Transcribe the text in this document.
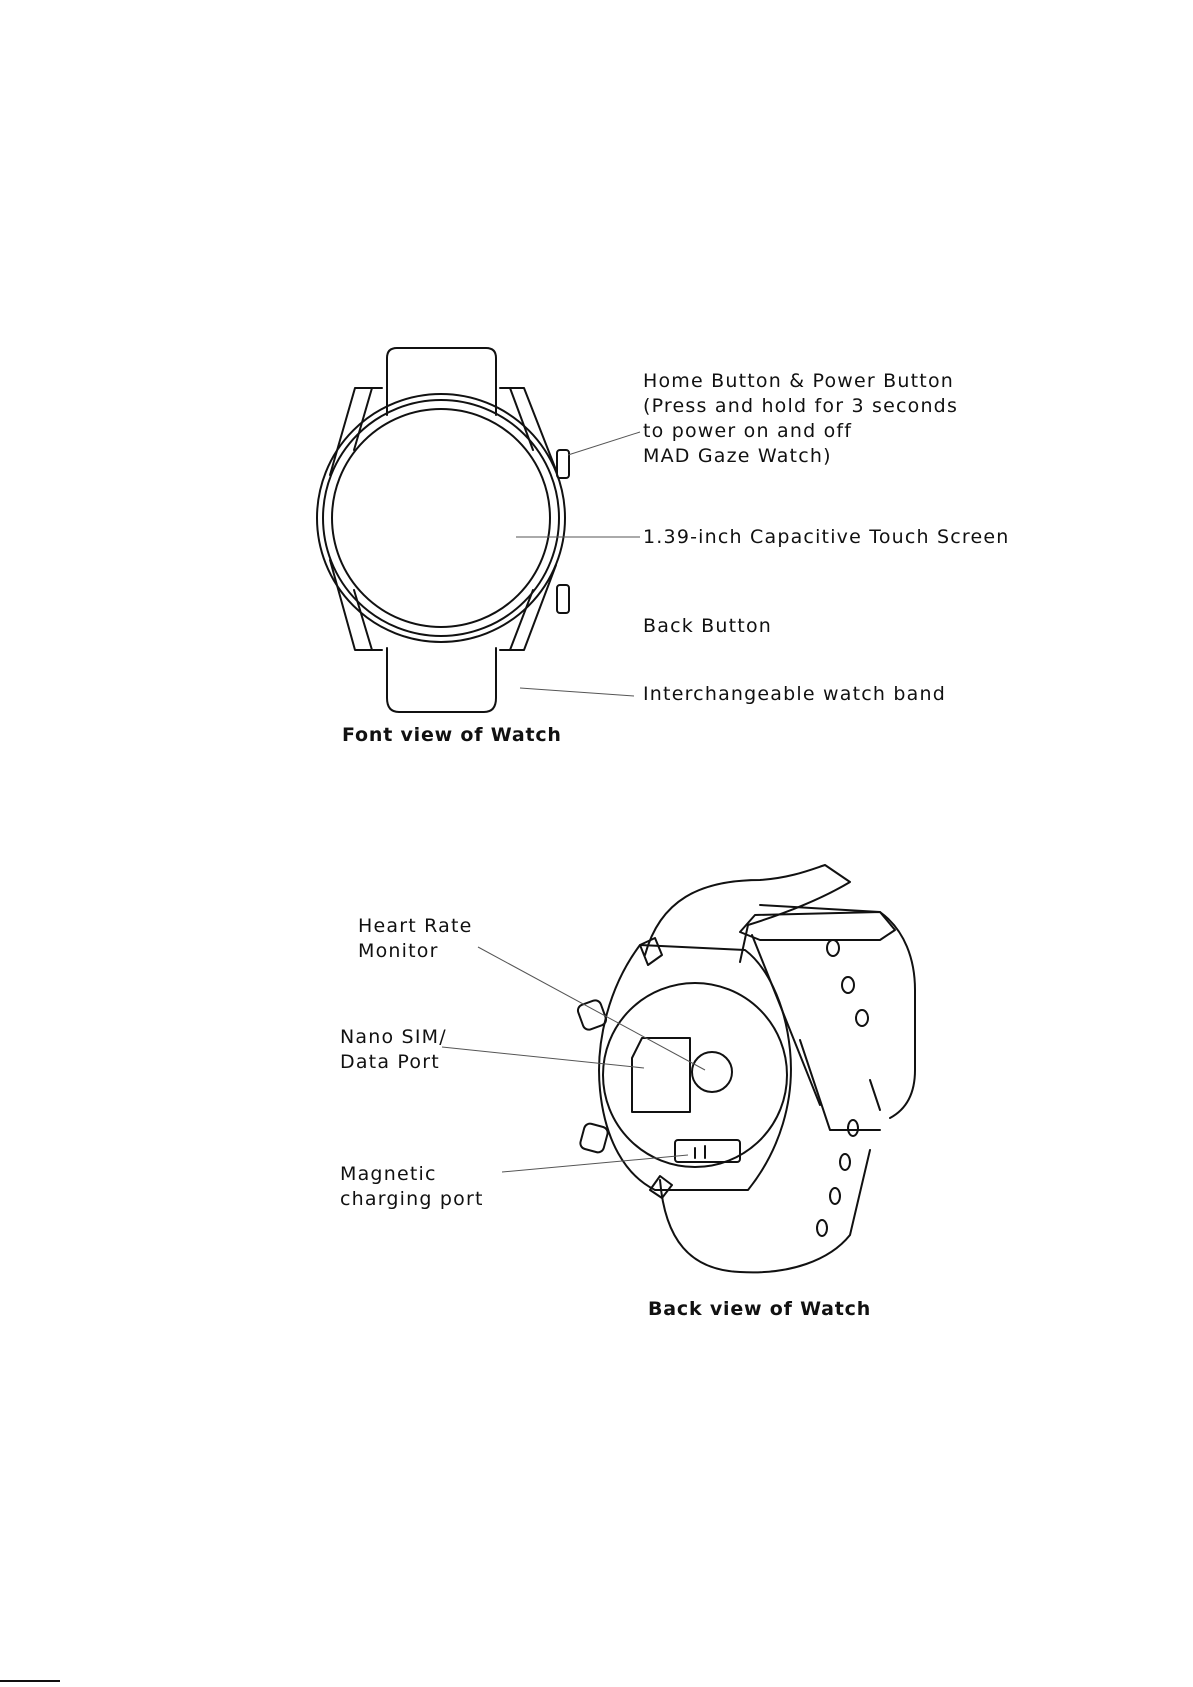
Home Button & Power Button
(Press and hold for 3 seconds
to power on and off
MAD Gaze Watch)
1.39-inch Capacitive Touch Screen
Back Button
Interchangeable watch band
Font view of Watch
Heart Rate
Monitor
Nano SIM/
Data Port
Magnetic
charging port
Back view of Watch
